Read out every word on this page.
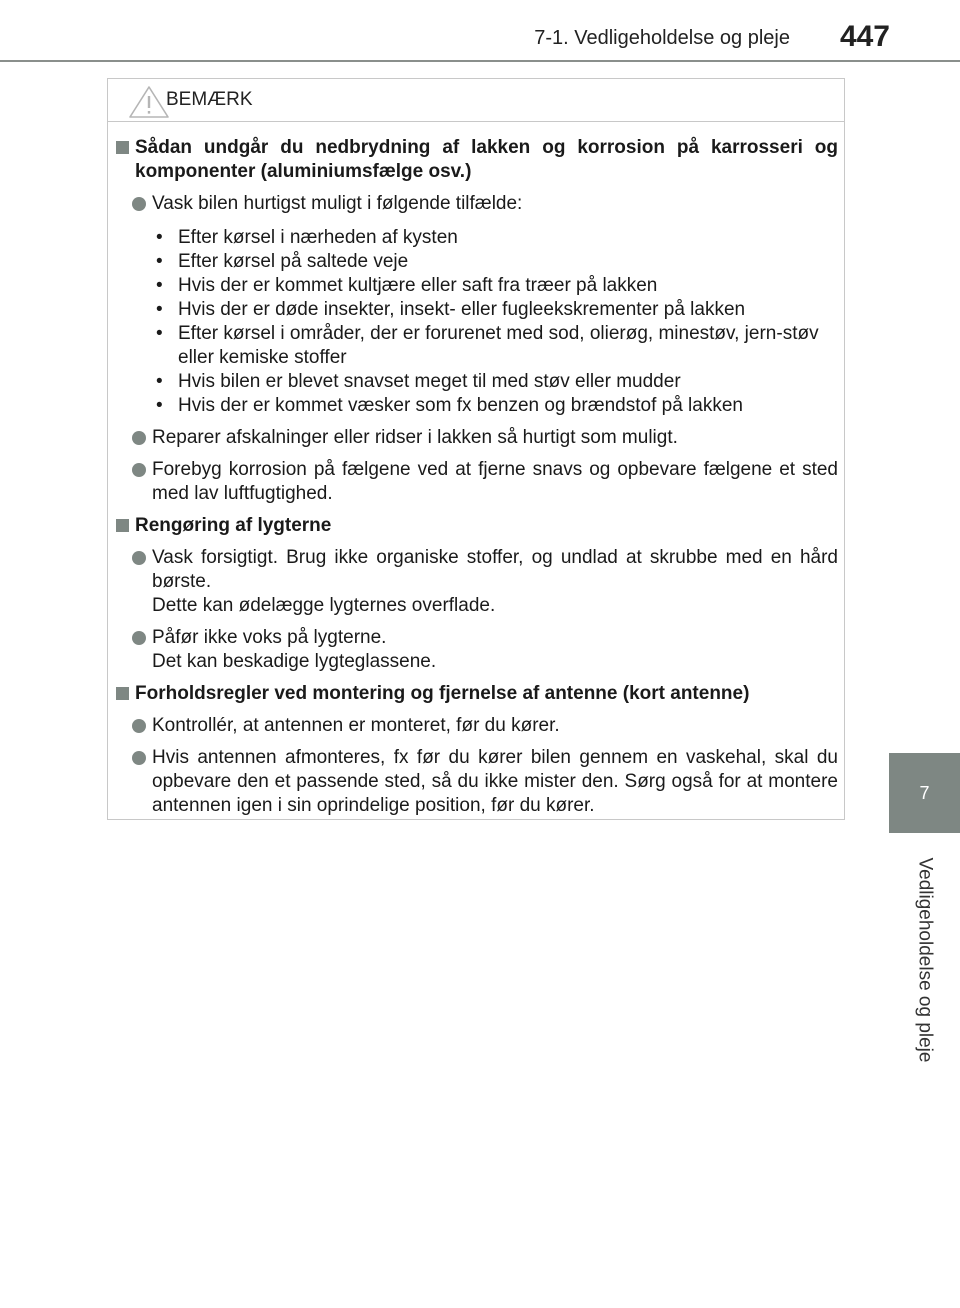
7-1. Vedligeholdelse og pleje	447
7
Vedligeholdelse og pleje
BEMÆRK
Sådan undgår du nedbrydning af lakken og korrosion på karrosseri og komponenter (aluminiumsfælge osv.)
Vask bilen hurtigst muligt i følgende tilfælde:
• Efter kørsel i nærheden af kysten
• Efter kørsel på saltede veje
• Hvis der er kommet kultjære eller saft fra træer på lakken
• Hvis der er døde insekter, insekt- eller fugleekskrementer på lakken
• Efter kørsel i områder, der er forurenet med sod, olierøg, minestøv, jern-støv eller kemiske stoffer
• Hvis bilen er blevet snavset meget til med støv eller mudder
• Hvis der er kommet væsker som fx benzen og brændstof på lakken
Reparer afskalninger eller ridser i lakken så hurtigt som muligt.
Forebyg korrosion på fælgene ved at fjerne snavs og opbevare fælgene et sted med lav luftfugtighed.
Rengøring af lygterne
Vask forsigtigt. Brug ikke organiske stoffer, og undlad at skrubbe med en hård børste.
Dette kan ødelægge lygternes overflade.
Påfør ikke voks på lygterne.
Det kan beskadige lygteglassene.
Forholdsregler ved montering og fjernelse af antenne (kort antenne)
Kontrollér, at antennen er monteret, før du kører.
Hvis antennen afmonteres, fx før du kører bilen gennem en vaskehal, skal du opbevare den et passende sted, så du ikke mister den. Sørg også for at montere antennen igen i sin oprindelige position, før du kører.
